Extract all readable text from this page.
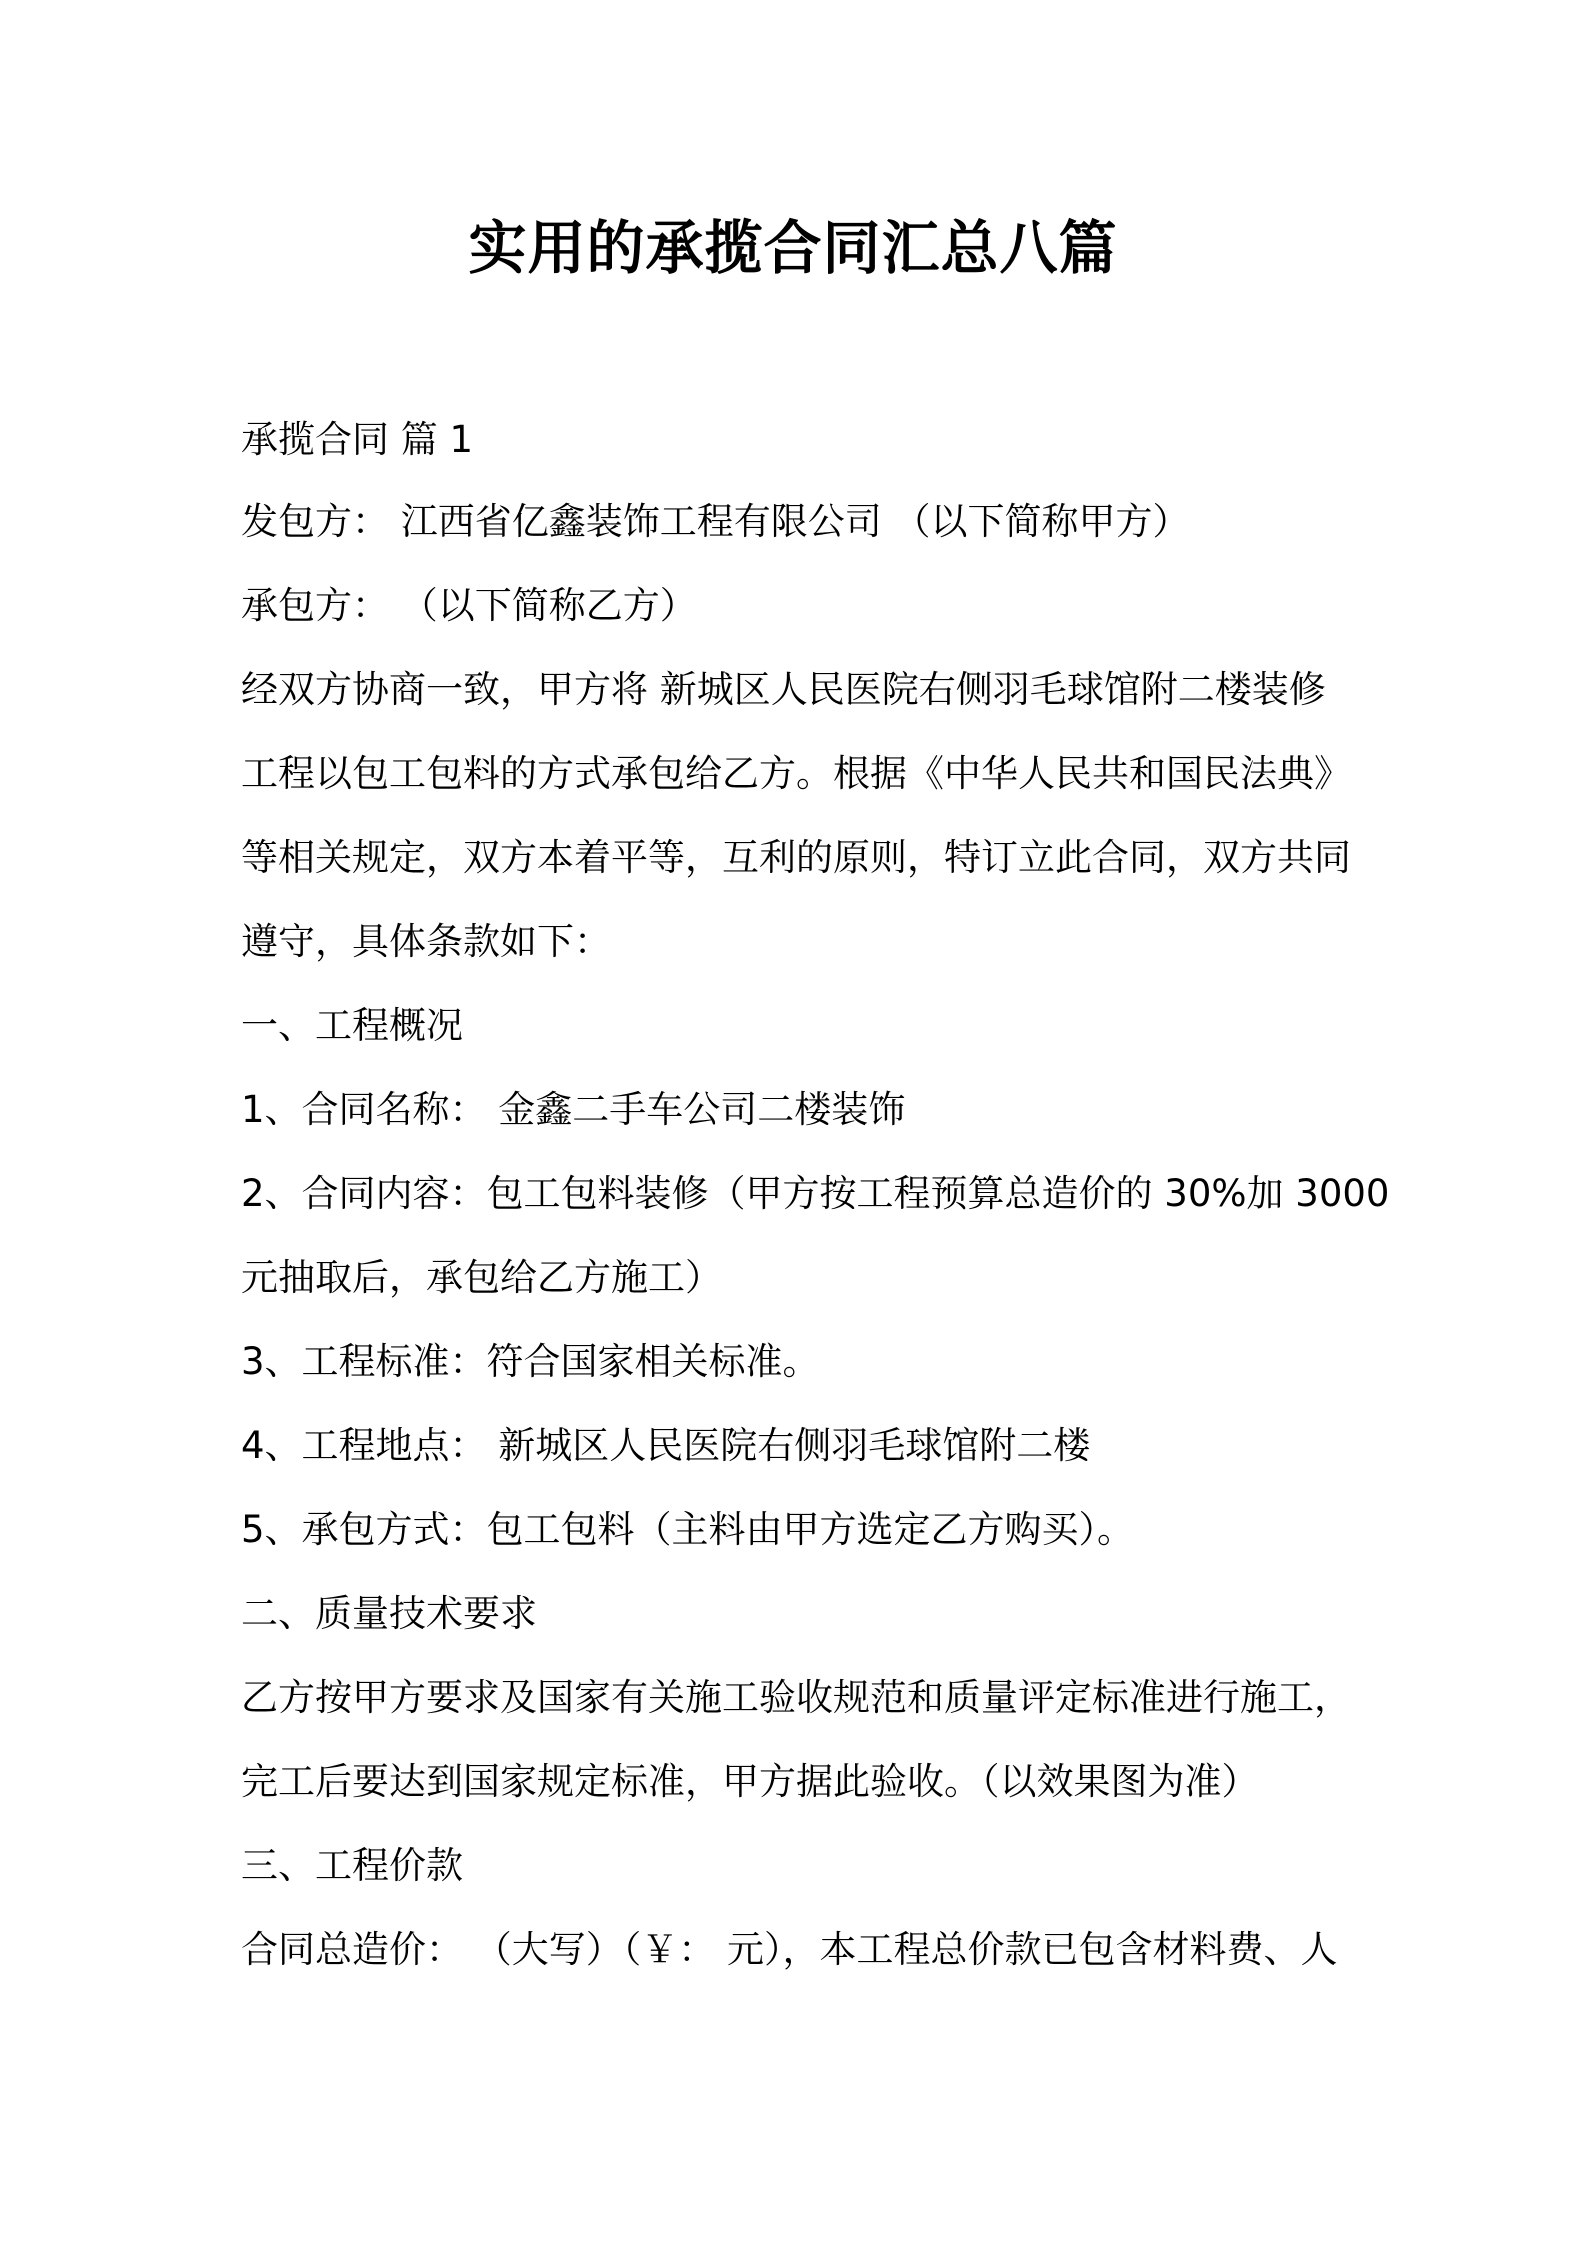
实用的承揽合同汇总八篇
承揽合同 篇 1
发包方： 江西省亿鑫装饰工程有限公司 （以下简称甲方）
承包方： （以下简称乙方）
经双方协商一致，甲方将 新城区人民医院右侧羽毛球馆附二楼装修
工程以包工包料的方式承包给乙方。根据《中华人民共和国民法典》
等相关规定，双方本着平等，互利的原则，特订立此合同，双方共同
遵守，具体条款如下：
一、工程概况
1、合同名称： 金鑫二手车公司二楼装饰
2、合同内容：包工包料装修（甲方按工程预算总造价的 30%加 3000
元抽取后，承包给乙方施工）
3、工程标准：符合国家相关标准。
4、工程地点： 新城区人民医院右侧羽毛球馆附二楼
5、承包方式：包工包料（主料由甲方选定乙方购买）。
二、质量技术要求
乙方按甲方要求及国家有关施工验收规范和质量评定标准进行施工，
完工后要达到国家规定标准，甲方据此验收。（以效果图为准）
三、工程价款
合同总造价： （大写）（￥： 元），本工程总价款已包含材料费、人
